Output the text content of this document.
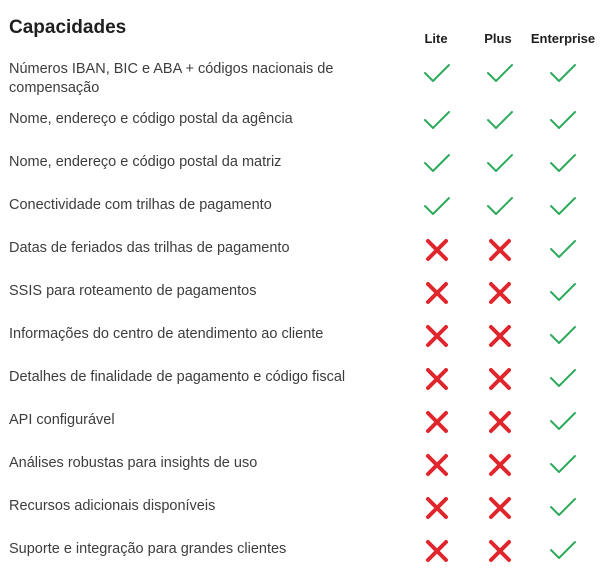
Capacidades
Lite	Plus	Enterprise
Números IBAN, BIC e ABA + códigos nacionais de compensação
Nome, endereço e código postal da agência
Nome, endereço e código postal da matriz
Conectividade com trilhas de pagamento
Datas de feriados das trilhas de pagamento
SSIS para roteamento de pagamentos
Informações do centro de atendimento ao cliente
Detalhes de finalidade de pagamento e código fiscal
API configurável
Análises robustas para insights de uso
Recursos adicionais disponíveis
Suporte e integração para grandes clientes
